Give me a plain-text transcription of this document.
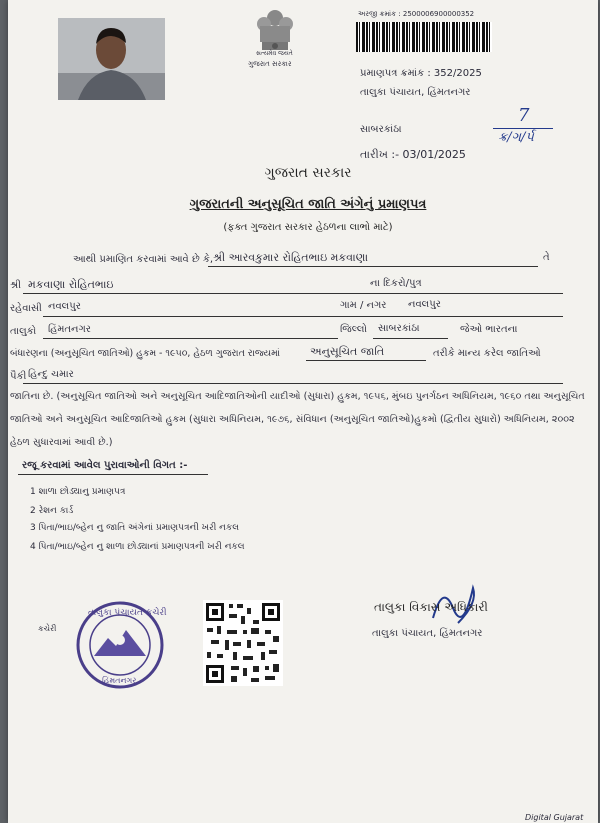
સત્યમેવ જયતે
ગુજરાત સરકાર
અરજી ક્રમાંક : 2500006900000352
પ્રમાણપત્ર ક્રમાંક : 352/2025
તાલુકા પંચાયત, હિંમતનગર
સાબરકાંઠા
7
ક્ર/ગ/ર્પ
તારીખ :- 03/01/2025
ગુજરાત સરકાર
ગુજરાતની અનુસૂચિત જાતિ અંગેનું પ્રમાણપત્ર
(ફક્ત ગુજરાત સરકાર હેઠળના લાભો માટે)
આથી પ્રમાણિત કરવામાં આવે છે કે, શ્રી આરવકુમાર રોહિતભાઇ મકવાણા	તે
શ્રી મકવાણા રોહિતભાઇ	ના દિકરો/પુત્ર
રહેવાસી નવલપુર	ગામ / નગર નવલપુર
તાલુકો હિંમતનગર	જિલ્લો સાબરકાંઠા	જેઓ ભારતના
બંધારણના (અનુસૂચિત જાતિઓ) હુકમ - ૧૯૫૦, હેઠળ ગુજરાત રાજ્યમાં	અનુસૂચિત જાતિ	તરીકે માન્ય કરેલ જાતિઓ
પૈકી હિન્દુ ચમાર
જાતિના છે. (અનુસૂચિત જાતિઓ અને અનુસૂચિત આદિજાતિઓની યાદીઓ (સુધારા) હુકમ, ૧૯૫૬, મુંબઇ પુનર્ગઠન અધિનિયમ, ૧૯૬૦ તથા અનુસૂચિત જાતિઓ અને અનુસૂચિત આદિજાતિઓ હુકમ (સુધારા અધિનિયમ, ૧૯૭૬, સંવિધાન (અનુસૂચિત જાતિઓ)હુકમો (દ્વિતીય સુધારો) અધિનિયમ, ૨૦૦૨ હેઠળ સુધારવામાં આવી છે.)
રજૂ કરવામાં આવેલ પુરાવાઓની વિગત :-
1 શાળા છોડ્યાનુ પ્રમાણપત્ર
2 રેશન કાર્ડ
3 પિતા/ભાઇ/બ્હેન નુ જાતિ અંગેનાં પ્રમાણપત્રની ખરી નકલ
4 પિતા/ભાઇ/બ્હેન નુ શાળા છોડ્યાનાં પ્રમાણપત્રની ખરી નકલ
તાલુકા પંચાયત કચેરી
હિંમતનગર
કચેરી
તાલુકા વિકાસ અધિકારી
તાલુકા પંચાયત, હિંમતનગર
Digital Gujarat
